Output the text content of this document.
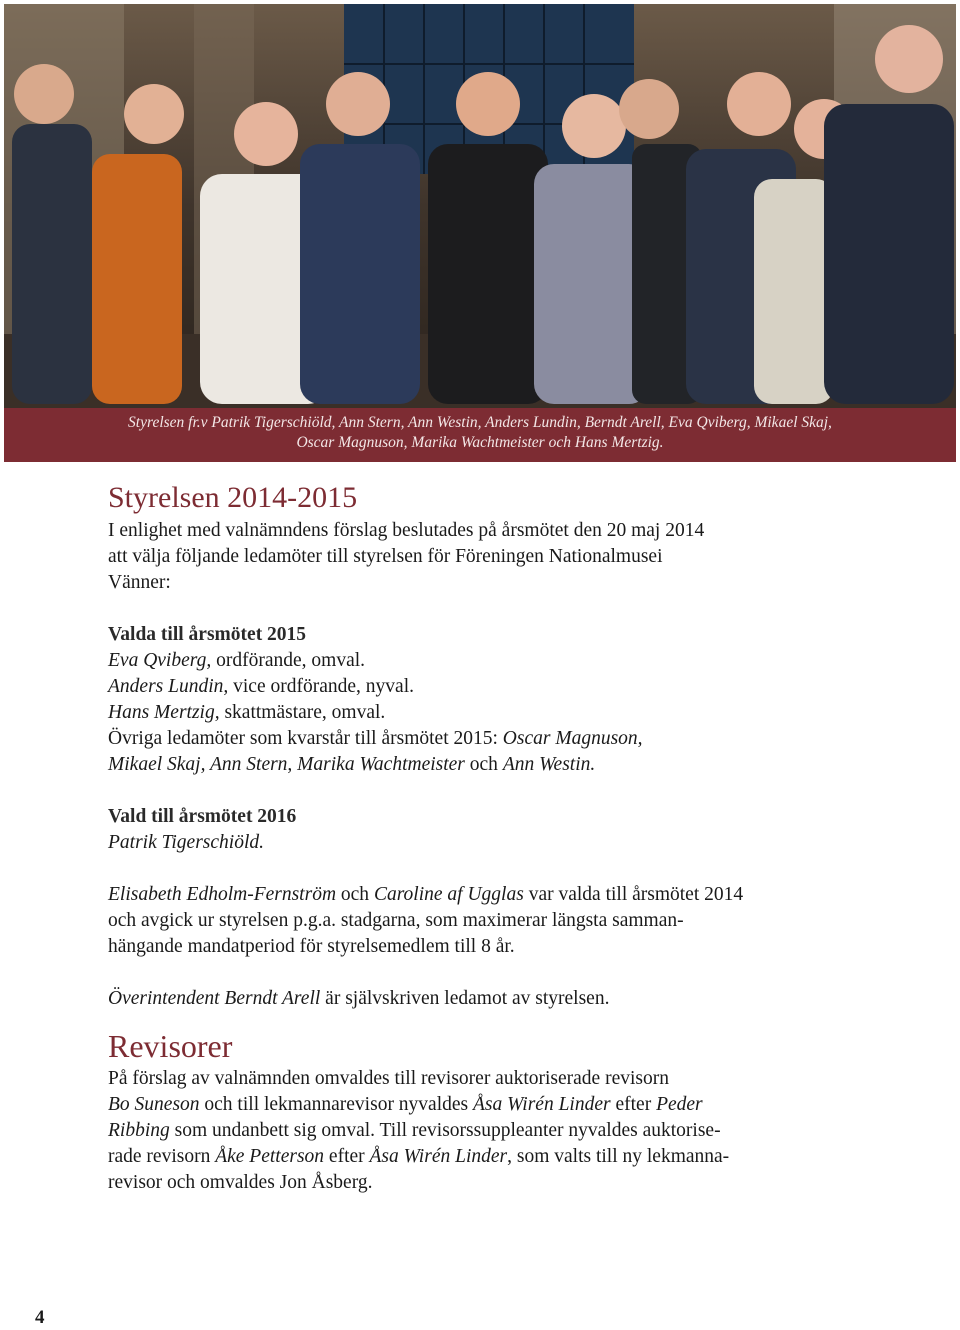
Styrelsen fr.v Patrik Tigerschiöld, Ann Stern, Ann Westin, Anders Lundin, Berndt Arell, Eva Qviberg, Mikael Skaj,
Oscar Magnuson, Marika Wachtmeister och Hans Mertzig.
Styrelsen 2014-2015

I enlighet med valnämndens förslag beslutades på årsmötet den 20 maj 2014

att välja följande ledamöter till styrelsen för Föreningen Nationalmusei

Vänner:

Valda till årsmötet 2015

Eva Qviberg, ordförande, omval.

Anders Lundin, vice ordförande, nyval.

Hans Mertzig, skattmästare, omval.

Övriga ledamöter som kvarstår till årsmötet 2015: Oscar Magnuson,

Mikael Skaj, Ann Stern, Marika Wachtmeister och Ann Westin.

Vald till årsmötet 2016

Patrik Tigerschiöld.

Elisabeth Edholm-Fernström och Caroline af Ugglas var valda till årsmötet 2014

och avgick ur styrelsen p.g.a. stadgarna, som maximerar längsta samman-

hängande mandatperiod för styrelsemedlem till 8 år.

Överintendent Berndt Arell är självskriven ledamot av styrelsen.

Revisorer

På förslag av valnämnden omvaldes till revisorer auktoriserade revisorn

Bo Suneson och till lekmannarevisor nyvaldes Åsa Wirén Linder efter Peder

Ribbing som undanbett sig omval. Till revisorssuppleanter nyvaldes auktorise-

rade revisorn Åke Petterson efter Åsa Wirén Linder, som valts till ny lekmanna-

revisor och omvaldes Jon Åsberg.

4
